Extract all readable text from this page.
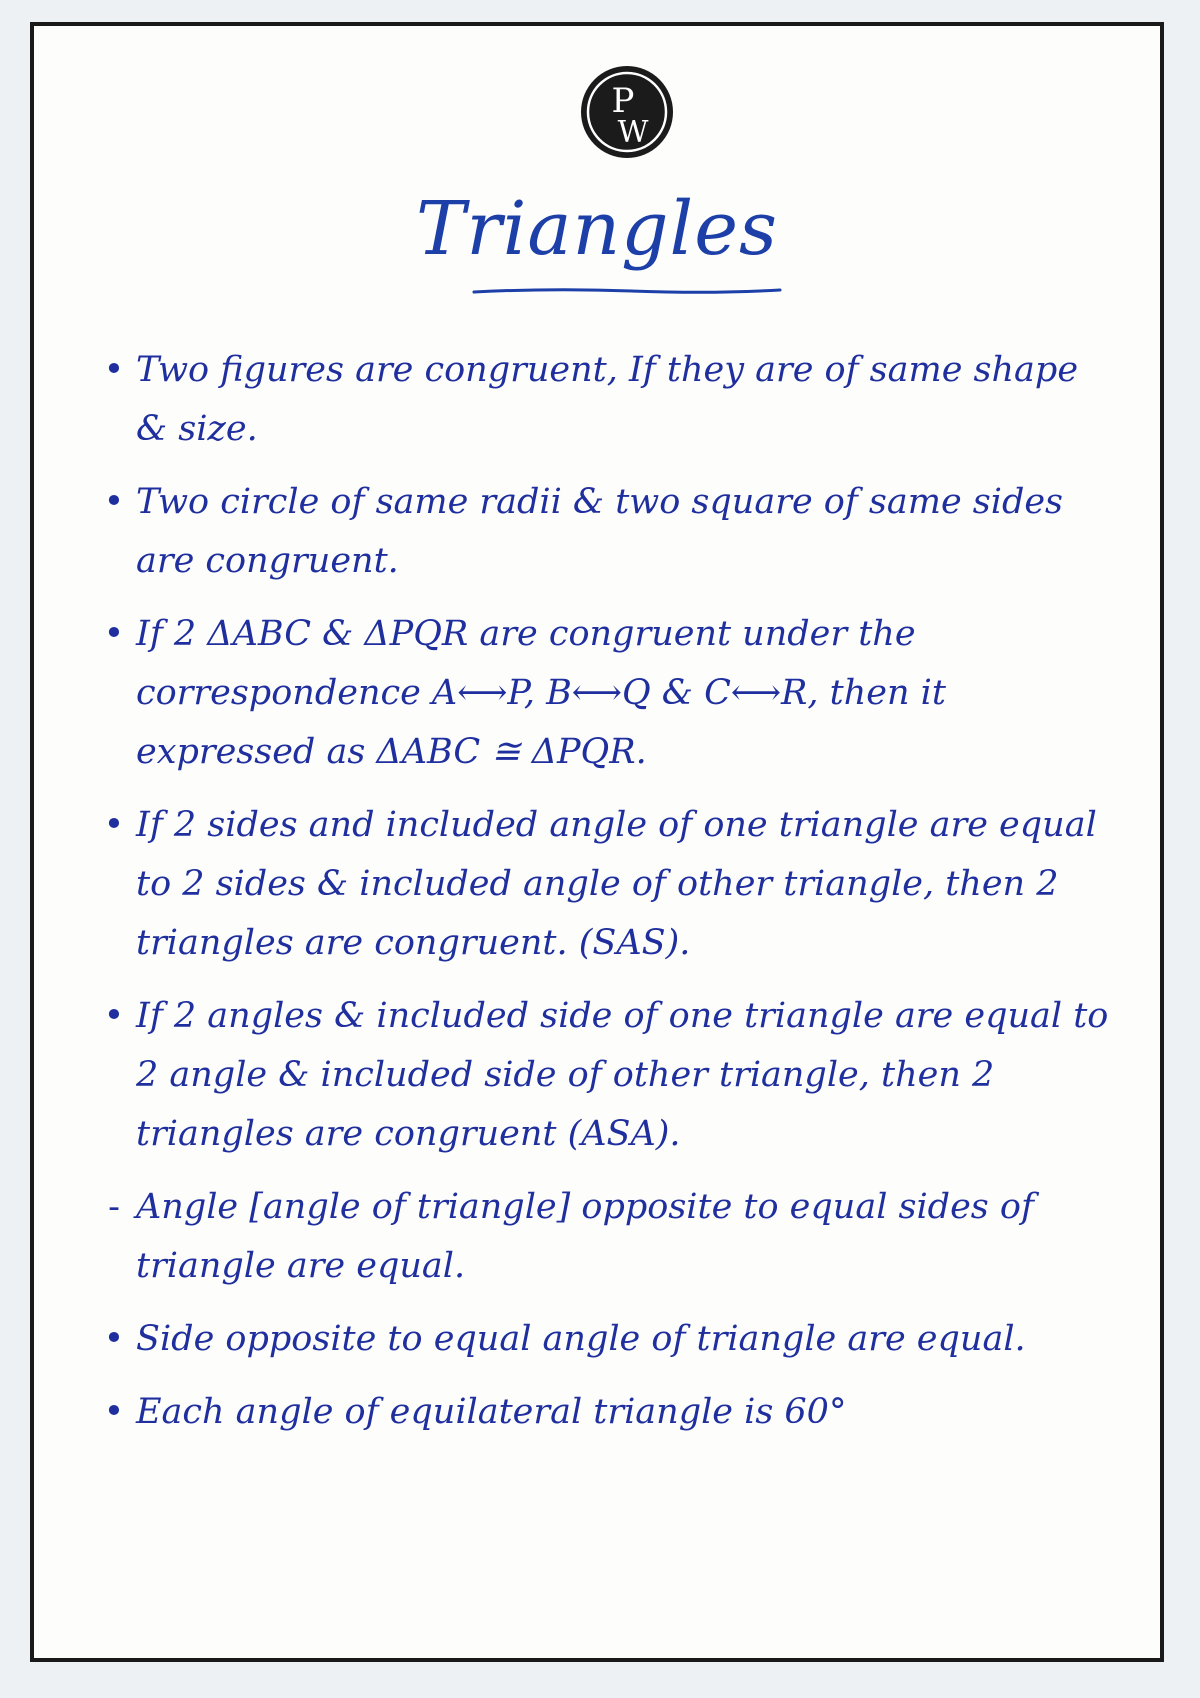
P
W
Triangles
• Two figures are congruent, If they are of same shape & size.
• Two circle of same radii & two square of same sides are congruent.
• If 2 ΔABC & ΔPQR are congruent under the correspondence A⟷P, B⟷Q & C⟷R, then it expressed as ΔABC ≅ ΔPQR.
• If 2 sides and included angle of one triangle are equal to 2 sides & included angle of other triangle, then 2 triangles are congruent. (SAS).
• If 2 angles & included side of one triangle are equal to 2 angle & included side of other triangle, then 2 triangles are congruent (ASA).
- Angle [angle of triangle] opposite to equal sides of triangle are equal.
• Side opposite to equal angle of triangle are equal.
• Each angle of equilateral triangle is 60°
